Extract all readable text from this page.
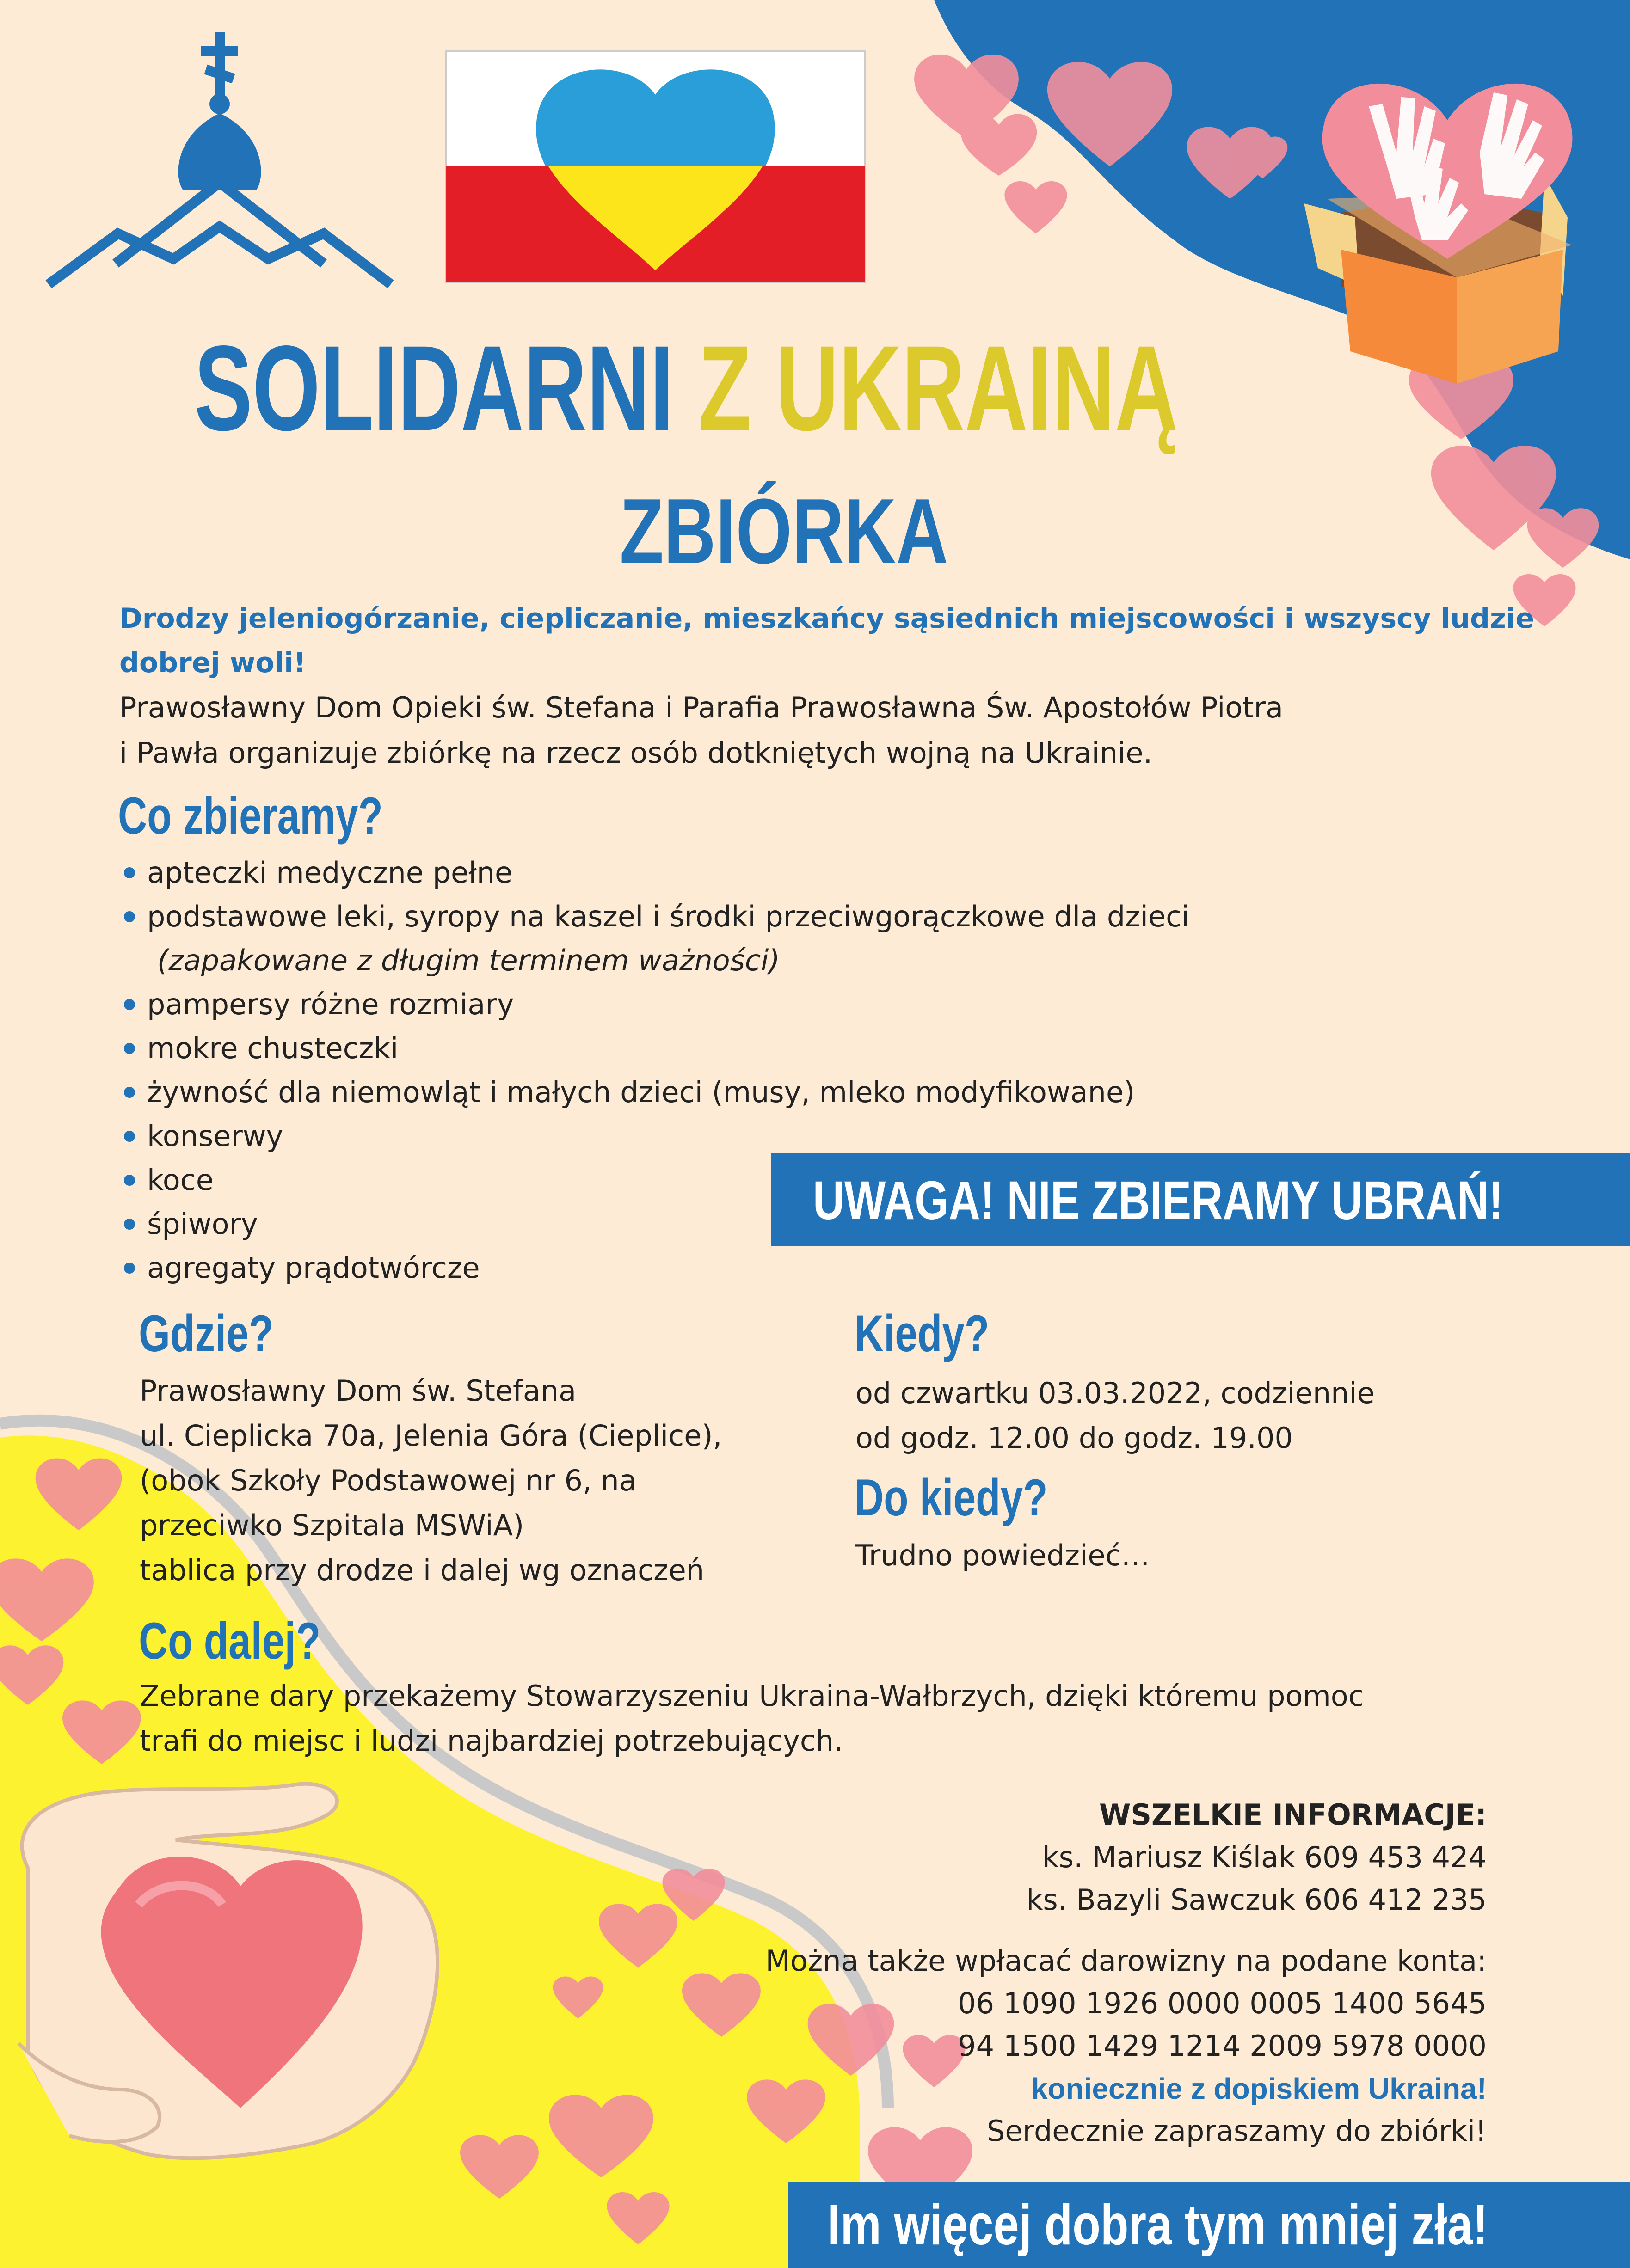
SOLIDARNI Z UKRAINĄ
ZBIÓRKA
Drodzy jeleniogórzanie, ciepliczanie, mieszkańcy sąsiednich miejscowości i wszyscy ludzie
dobrej woli!
Prawosławny Dom Opieki św. Stefana i Parafia Prawosławna Św. Apostołów Piotra
i Pawła organizuje zbiórkę na rzecz osób dotkniętych wojną na Ukrainie.
Co zbieramy?
apteczki medyczne pełne
podstawowe leki, syropy na kaszel i środki przeciwgorączkowe dla dzieci
(zapakowane z długim terminem ważności)
pampersy różne rozmiary
mokre chusteczki
żywność dla niemowląt i małych dzieci (musy, mleko modyfikowane)
konserwy
koce
śpiwory
agregaty prądotwórcze
UWAGA! NIE ZBIERAMY UBRAŃ!
Gdzie?
Prawosławny Dom św. Stefana
ul. Cieplicka 70a, Jelenia Góra (Cieplice),
(obok Szkoły Podstawowej nr 6, na
przeciwko Szpitala MSWiA)
tablica przy drodze i dalej wg oznaczeń
Kiedy?
od czwartku 03.03.2022, codziennie
od godz. 12.00 do godz. 19.00
Do kiedy?
Trudno powiedzieć…
Co dalej?
Zebrane dary przekażemy Stowarzyszeniu Ukraina-Wałbrzych, dzięki któremu pomoc
trafi do miejsc i ludzi najbardziej potrzebujących.
WSZELKIE INFORMACJE:
ks. Mariusz Kiślak 609 453 424
ks. Bazyli Sawczuk 606 412 235
Można także wpłacać darowizny na podane konta:
06 1090 1926 0000 0005 1400 5645
94 1500 1429 1214 2009 5978 0000
koniecznie z dopiskiem Ukraina!
Serdecznie zapraszamy do zbiórki!
Im więcej dobra tym mniej zła!
